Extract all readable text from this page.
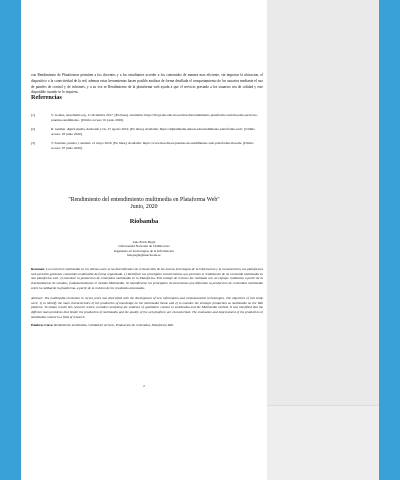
con Rendimiento de Plataformas permiten a los docentes y a los estudiantes acceder a los contenidos de manera mas eficiente, sin importar la ubicacion, el dispositivo o la conectividad de la red, ademas estas herramientas hacen posible analizar de forma detallada el comportamiento de los usuarios mediante el uso de paneles de control y de informes, y a su vez se Rendimiento de la plataforma web ayuda a que el servicio prestado a los usuarios sea de calidad y este disponible cuando se lo requiera.
Referencias
[1]	S. Gomez, moodlemx.org, 11 diciembre 2017. [En linea]. Available: https://blogs.moodle.uca.es/moodle/rendimiento-plataforma-web/moodle-servicios-pruebas-rendimiento. [Ultimo acceso: 01 junio 2020].
[2]	R. Guillen, digital media, Androide y IA, 27 agosto 2019. [En linea]. Available: https://digitalmedia.unison.edu/rendimiento-plataforma-web/. [Ultimo acceso: 03 junio 2020].
[3]	T. Sanchez, prueba y analisis, 21 mayo 2020. [En linea]. Available: https://www.moodle.es/pruebas-de-rendimiento-web-plataforma-moodle. [Ultimo acceso: 07 junio 2020].
"Rendimiento del entendimiento multimedia en Plataforma Web"
Junio, 2020
Riobamba
Luis Erick Pugla
Universidad Nacional de Chimborazo
Ingenieria en Tecnologias de la Informacion
luis.pugla@unach.edu.ec
Resumen: La revolucion multimedia en los ultimos anos se ha diversificado con el desarrollo de las nuevas tecnologias de la informacion y la comunicacion, las plataformas web permiten gestionar contenidos multimedia de forma organizada. 1) identificar las principales caracteristicas que permiten el rendimiento de un contenido multimedia en una plataforma web, 2) examinar la produccion de contenidos multimedia en la Plataforma. Este trabajo de revision fue realizado con un enfoque cualitativo a partir de la sistematizacion de estudios, fundamentalmente el metodo Multimedia. Se identificaron los principales inconvenientes que dificultan la produccion de contenidos multimedia sobre la calidad de la plataforma, a partir de la revision de los resultados alcanzados.
Abstract: The multimedia revolution in recent years has diversified with the development of new information and communication technologies. The objectives of this study were: 1) to identify the main characteristics of the production of knowledge on the multimedia theme and 2) to examine the strategic production as multimedia on the Web platform. To obtain results this research review considers analyzing the evidence of qualitative content in multimedia and the Multimedia method. It was identified that the different main problems that hinder the production of multimedia and the quality of the web platform are characterized. The evaluation and improvement of the production of multimedia content in a field of research.
Palabras Clave: Rendimiento multimedia, Calidad de servicio, Produccion de contenidos, Plataforma Web.
2
